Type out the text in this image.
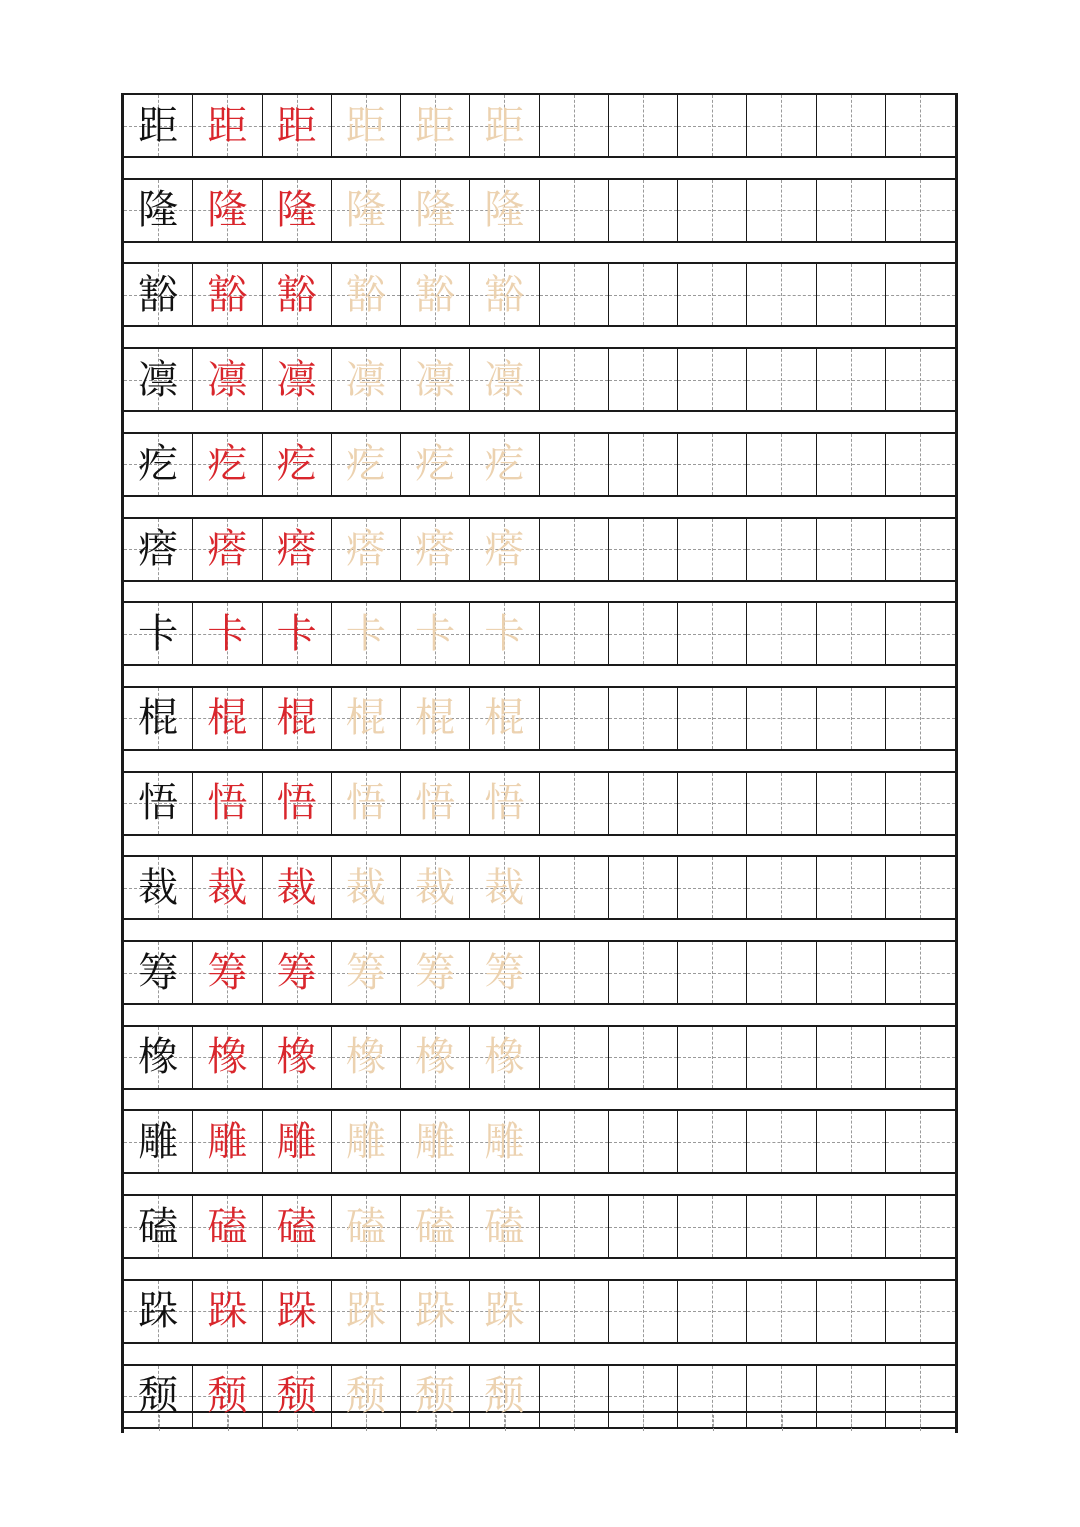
距 距 距 距 距 距
隆 隆 隆 隆 隆 隆
豁 豁 豁 豁 豁 豁
凛 凛 凛 凛 凛 凛
疙 疙 疙 疙 疙 疙
瘩 瘩 瘩 瘩 瘩 瘩
卡 卡 卡 卡 卡 卡
棍 棍 棍 棍 棍 棍
悟 悟 悟 悟 悟 悟
裁 裁 裁 裁 裁 裁
筹 筹 筹 筹 筹 筹
橡 橡 橡 橡 橡 橡
雕 雕 雕 雕 雕 雕
磕 磕 磕 磕 磕 磕
跺 跺 跺 跺 跺 跺
颓 颓 颓 颓 颓 颓
